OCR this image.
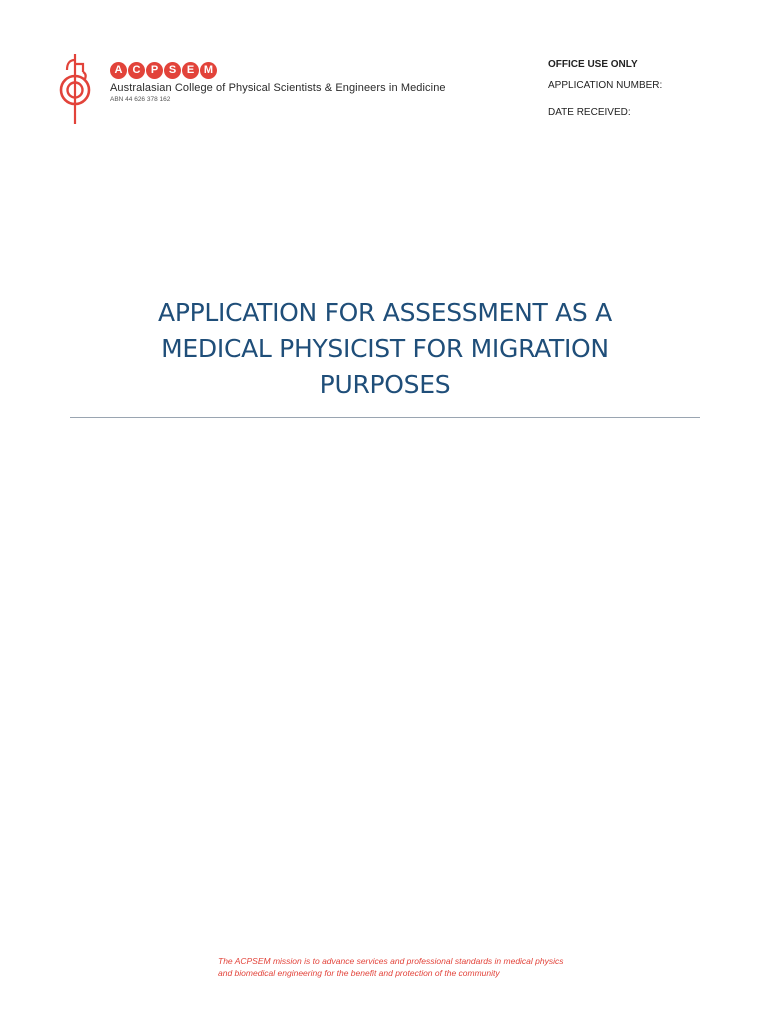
A C P S E M
Australasian College of Physical Scientists & Engineers in Medicine
ABN 44 626 378 162
OFFICE USE ONLY
APPLICATION NUMBER:
DATE RECEIVED:
APPLICATION FOR ASSESSMENT AS A
MEDICAL PHYSICIST FOR MIGRATION
PURPOSES
The ACPSEM mission is to advance services and professional standards in medical physics
and biomedical engineering for the benefit and protection of the community
